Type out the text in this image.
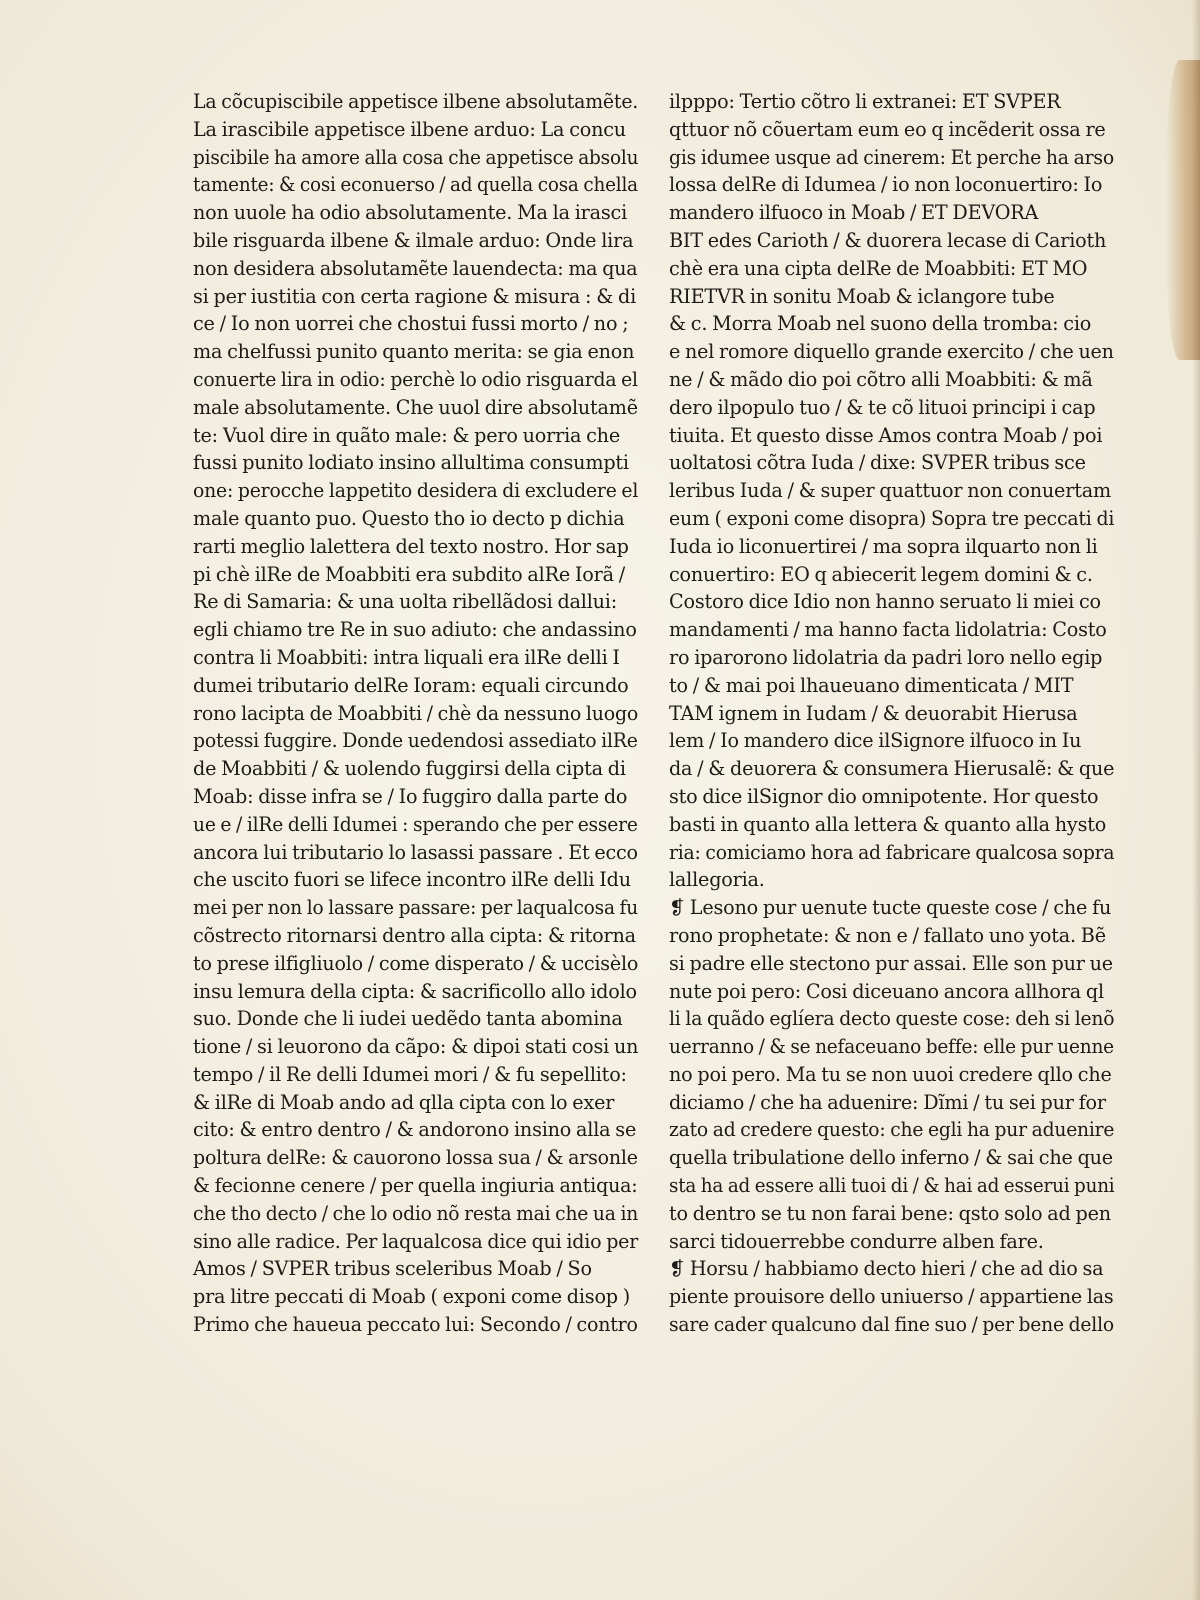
La cõcupiscibile appetisce ilbene absolutamẽte.
La irascibile appetisce ilbene arduo: La concu
piscibile ha amore alla cosa che appetisce absolu
tamente: & cosi econuerso / ad quella cosa chella
non uuole ha odio absolutamente. Ma la irasci
bile risguarda ilbene & ilmale arduo: Onde lira
non desidera absolutamẽte lauendecta: ma qua
si per iustitia con certa ragione & misura : & di
ce / Io non uorrei che chostui fussi morto / no ;
ma chelfussi punito quanto merita: se gia enon
conuerte lira in odio: perchè lo odio risguarda el
male absolutamente. Che uuol dire absolutamẽ
te: Vuol dire in quãto male: & pero uorria che
fussi punito lodiato insino allultima consumpti
one: perocche lappetito desidera di excludere el
male quanto puo. Questo tho io decto p dichia
rarti meglio lalettera del texto nostro. Hor sap
pi chè ilRe de Moabbiti era subdito alRe Iorã /
Re di Samaria: & una uolta ribellãdosi dallui:
egli chiamo tre Re in suo adiuto: che andassino
contra li Moabbiti: intra liquali era ilRe delli I
dumei tributario delRe Ioram: equali circundo
rono lacipta de Moabbiti / chè da nessuno luogo
potessi fuggire. Donde uedendosi assediato ilRe
de Moabbiti / & uolendo fuggirsi della cipta di
Moab: disse infra se / Io fuggiro dalla parte do
ue e / ilRe delli Idumei : sperando che per essere
ancora lui tributario lo lasassi passare . Et ecco
che uscito fuori se lifece incontro ilRe delli Idu
mei per non lo lassare passare: per laqualcosa fu
cõstrecto ritornarsi dentro alla cipta: & ritorna
to prese ilfigliuolo / come disperato / & uccisèlo
insu lemura della cipta: & sacrificollo allo idolo
suo. Donde che li iudei uedẽdo tanta abomina
tione / si leuorono da cãpo: & dipoi stati cosi un
tempo / il Re delli Idumei mori / & fu sepellito:
& ilRe di Moab ando ad qlla cipta con lo exer
cito: & entro dentro / & andorono insino alla se
poltura delRe: & cauorono lossa sua / & arsonle
& fecionne cenere / per quella ingiuria antiqua:
che tho decto / che lo odio nõ resta mai che ua in
sino alle radice. Per laqualcosa dice qui idio per
Amos / SVPER tribus sceleribus Moab / So
pra litre peccati di Moab ( exponi come disop )
Primo che haueua peccato lui: Secondo / contro
ilpppo: Tertio cõtro li extranei: ET SVPER
qttuor nõ cõuertam eum eo q incẽderit ossa re
gis idumee usque ad cinerem: Et perche ha arso
lossa delRe di Idumea / io non loconuertiro: Io
mandero ilfuoco in Moab / ET DEVORA
BIT edes Carioth / & duorera lecase di Carioth
chè era una cipta delRe de Moabbiti: ET MO
RIETVR in sonitu Moab & iclangore tube
& c. Morra Moab nel suono della tromba: cio
e nel romore diquello grande exercito / che uen
ne / & mãdo dio poi cõtro alli Moabbiti: & mã
dero ilpopulo tuo / & te cõ lituoi principi i cap
tiuita. Et questo disse Amos contra Moab / poi
uoltatosi cõtra Iuda / dixe: SVPER tribus sce
leribus Iuda / & super quattuor non conuertam
eum ( exponi come disopra) Sopra tre peccati di
Iuda io liconuertirei / ma sopra ilquarto non li
conuertiro: EO q abiecerit legem domini & c.
Costoro dice Idio non hanno seruato li miei co
mandamenti / ma hanno facta lidolatria: Costo
ro iparorono lidolatria da padri loro nello egip
to / & mai poi lhaueuano dimenticata / MIT
TAM ignem in Iudam / & deuorabit Hierusa
lem / Io mandero dice ilSignore ilfuoco in Iu
da / & deuorera & consumera Hierusalẽ: & que
sto dice ilSignor dio omnipotente. Hor questo
basti in quanto alla lettera & quanto alla hysto
ria: comiciamo hora ad fabricare qualcosa sopra
lallegoria.
❡ Lesono pur uenute tucte queste cose / che fu
rono prophetate: & non e / fallato uno yota. Bẽ
si padre elle stectono pur assai. Elle son pur ue
nute poi pero: Cosi diceuano ancora allhora ql
li la quãdo eglíera decto queste cose: deh si lenõ
uerranno / & se nefaceuano beffe: elle pur uenne
no poi pero. Ma tu se non uuoi credere qllo che
diciamo / che ha aduenire: Dĩmi / tu sei pur for
zato ad credere questo: che egli ha pur aduenire
quella tribulatione dello inferno / & sai che que
sta ha ad essere alli tuoi di / & hai ad esserui puni
to dentro se tu non farai bene: qsto solo ad pen
sarci tidouerrebbe condurre alben fare.
❡ Horsu / habbiamo decto hieri / che ad dio sa
piente prouisore dello uniuerso / appartiene las
sare cader qualcuno dal fine suo / per bene dello
